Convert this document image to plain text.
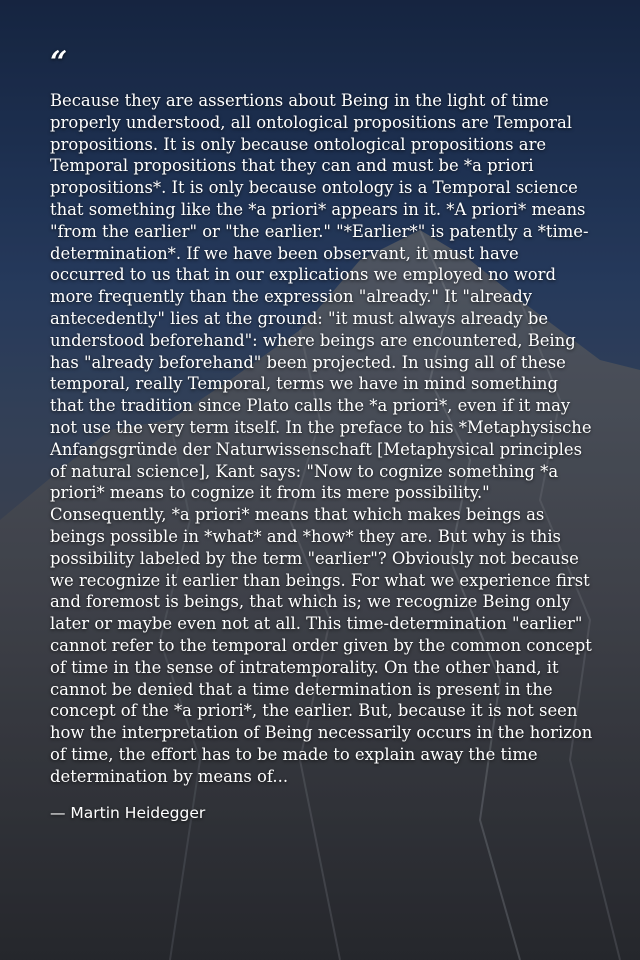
“

Because they are assertions about Being in the light of time properly understood, all ontological propositions are Temporal propositions. It is only because ontological propositions are Temporal propositions that they can and must be *a priori propositions*. It is only because ontology is a Temporal science that something like the *a priori* appears in it. *A priori* means "from the earlier" or "the earlier." "*Earlier*" is patently a *time-determination*. If we have been observant, it must have occurred to us that in our explications we employed no word more frequently than the expression "already." It "already antecedently" lies at the ground: "it must always already be understood beforehand": where beings are encountered, Being has "already beforehand" been projected. In using all of these temporal, really Temporal, terms we have in mind something that the tradition since Plato calls the *a priori*, even if it may not use the very term itself. In the preface to his *Metaphysische Anfangsgründe der Naturwissenschaft [Metaphysical principles of natural science], Kant says: "Now to cognize something *a priori* means to cognize it from its mere possibility." Consequently, *a priori* means that which makes beings as beings possible in *what* and *how* they are. But why is this possibility labeled by the term "earlier"? Obviously not because we recognize it earlier than beings. For what we experience first and foremost is beings, that which is; we recognize Being only later or maybe even not at all. This time-determination "earlier" cannot refer to the temporal order given by the common concept of time in the sense of intratemporality. On the other hand, it cannot be denied that a time determination is present in the concept of the *a priori*, the earlier. But, because it is not seen how the interpretation of Being necessarily occurs in the horizon of time, the effort has to be made to explain away the time determination by means of...

— Martin Heidegger
